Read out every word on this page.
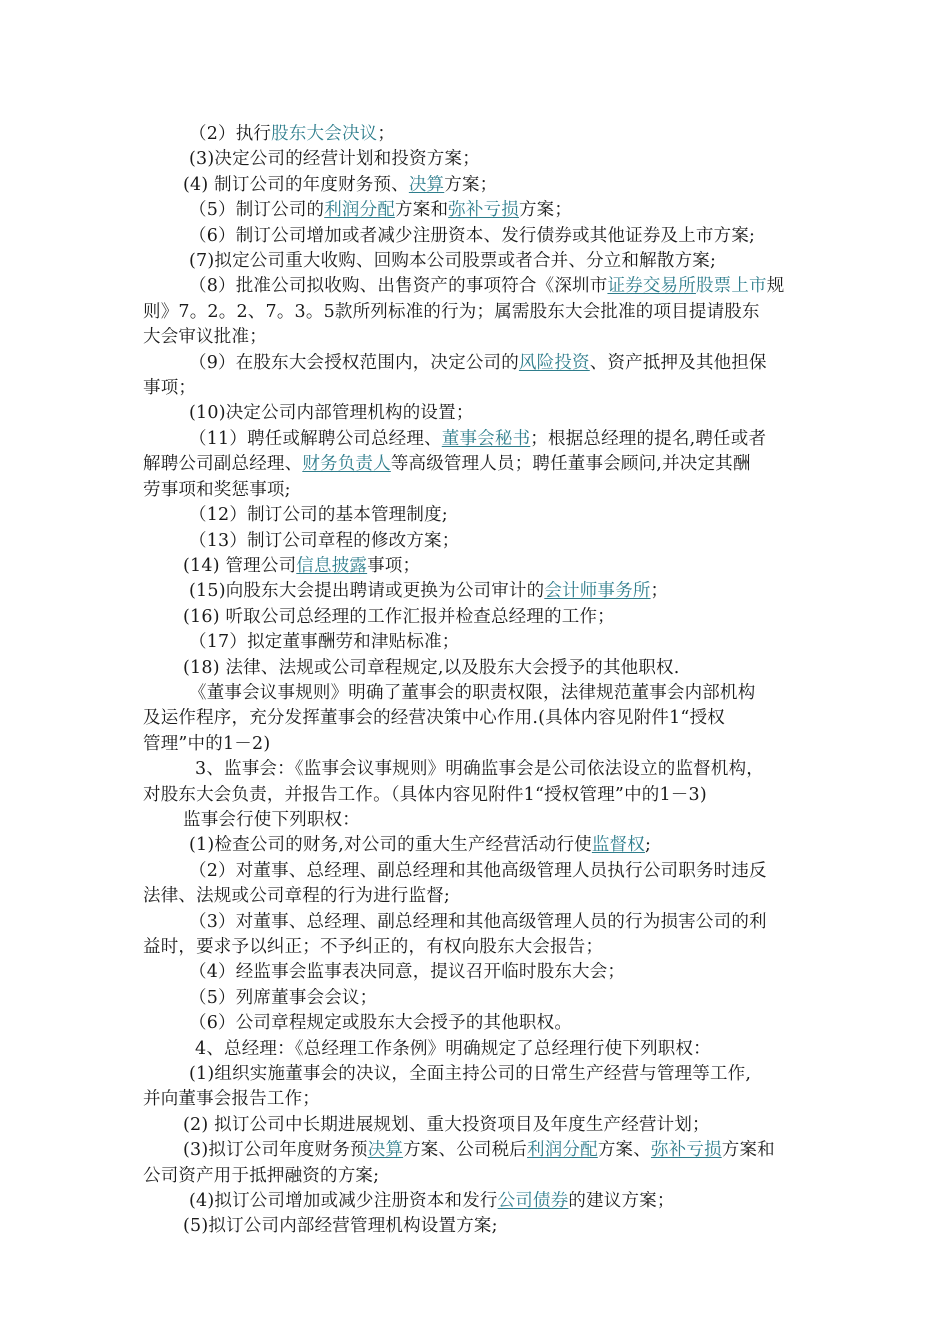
（2）执行股东大会决议；
(3)决定公司的经营计划和投资方案；
(4) 制订公司的年度财务预、决算方案；
（5）制订公司的利润分配方案和弥补亏损方案；
（6）制订公司增加或者减少注册资本、发行债券或其他证券及上市方案;
(7)拟定公司重大收购、回购本公司股票或者合并、分立和解散方案;
（8）批准公司拟收购、出售资产的事项符合《深圳市证券交易所股票上市规
则》7。2。2、7。3。5款所列标准的行为；属需股东大会批准的项目提请股东
大会审议批准；
（9）在股东大会授权范围内，决定公司的风险投资、资产抵押及其他担保
事项；
(10)决定公司内部管理机构的设置；
（11）聘任或解聘公司总经理、董事会秘书；根据总经理的提名,聘任或者
解聘公司副总经理、财务负责人等高级管理人员；聘任董事会顾问,并决定其酬
劳事项和奖惩事项;
（12）制订公司的基本管理制度;
（13）制订公司章程的修改方案；
(14) 管理公司信息披露事项；
(15)向股东大会提出聘请或更换为公司审计的会计师事务所；
(16) 听取公司总经理的工作汇报并检查总经理的工作；
（17）拟定董事酬劳和津贴标准；
(18) 法律、法规或公司章程规定,以及股东大会授予的其他职权.
《董事会议事规则》明确了董事会的职责权限，法律规范董事会内部机构
及运作程序，充分发挥董事会的经营决策中心作用.(具体内容见附件1“授权
管理”中的1－2)
3、监事会：《监事会议事规则》明确监事会是公司依法设立的监督机构，
对股东大会负责，并报告工作。（具体内容见附件1“授权管理”中的1－3)
监事会行使下列职权：
(1)检查公司的财务,对公司的重大生产经营活动行使监督权;
（2）对董事、总经理、副总经理和其他高级管理人员执行公司职务时违反
法律、法规或公司章程的行为进行监督;
（3）对董事、总经理、副总经理和其他高级管理人员的行为损害公司的利
益时，要求予以纠正；不予纠正的，有权向股东大会报告；
（4）经监事会监事表决同意，提议召开临时股东大会；
（5）列席董事会会议；
（6）公司章程规定或股东大会授予的其他职权。
4、总经理：《总经理工作条例》明确规定了总经理行使下列职权：
(1)组织实施董事会的决议，全面主持公司的日常生产经营与管理等工作,
并向董事会报告工作；
(2) 拟订公司中长期进展规划、重大投资项目及年度生产经营计划；
(3)拟订公司年度财务预决算方案、公司税后利润分配方案、弥补亏损方案和
公司资产用于抵押融资的方案;
(4)拟订公司增加或减少注册资本和发行公司债券的建议方案；
(5)拟订公司内部经营管理机构设置方案;
